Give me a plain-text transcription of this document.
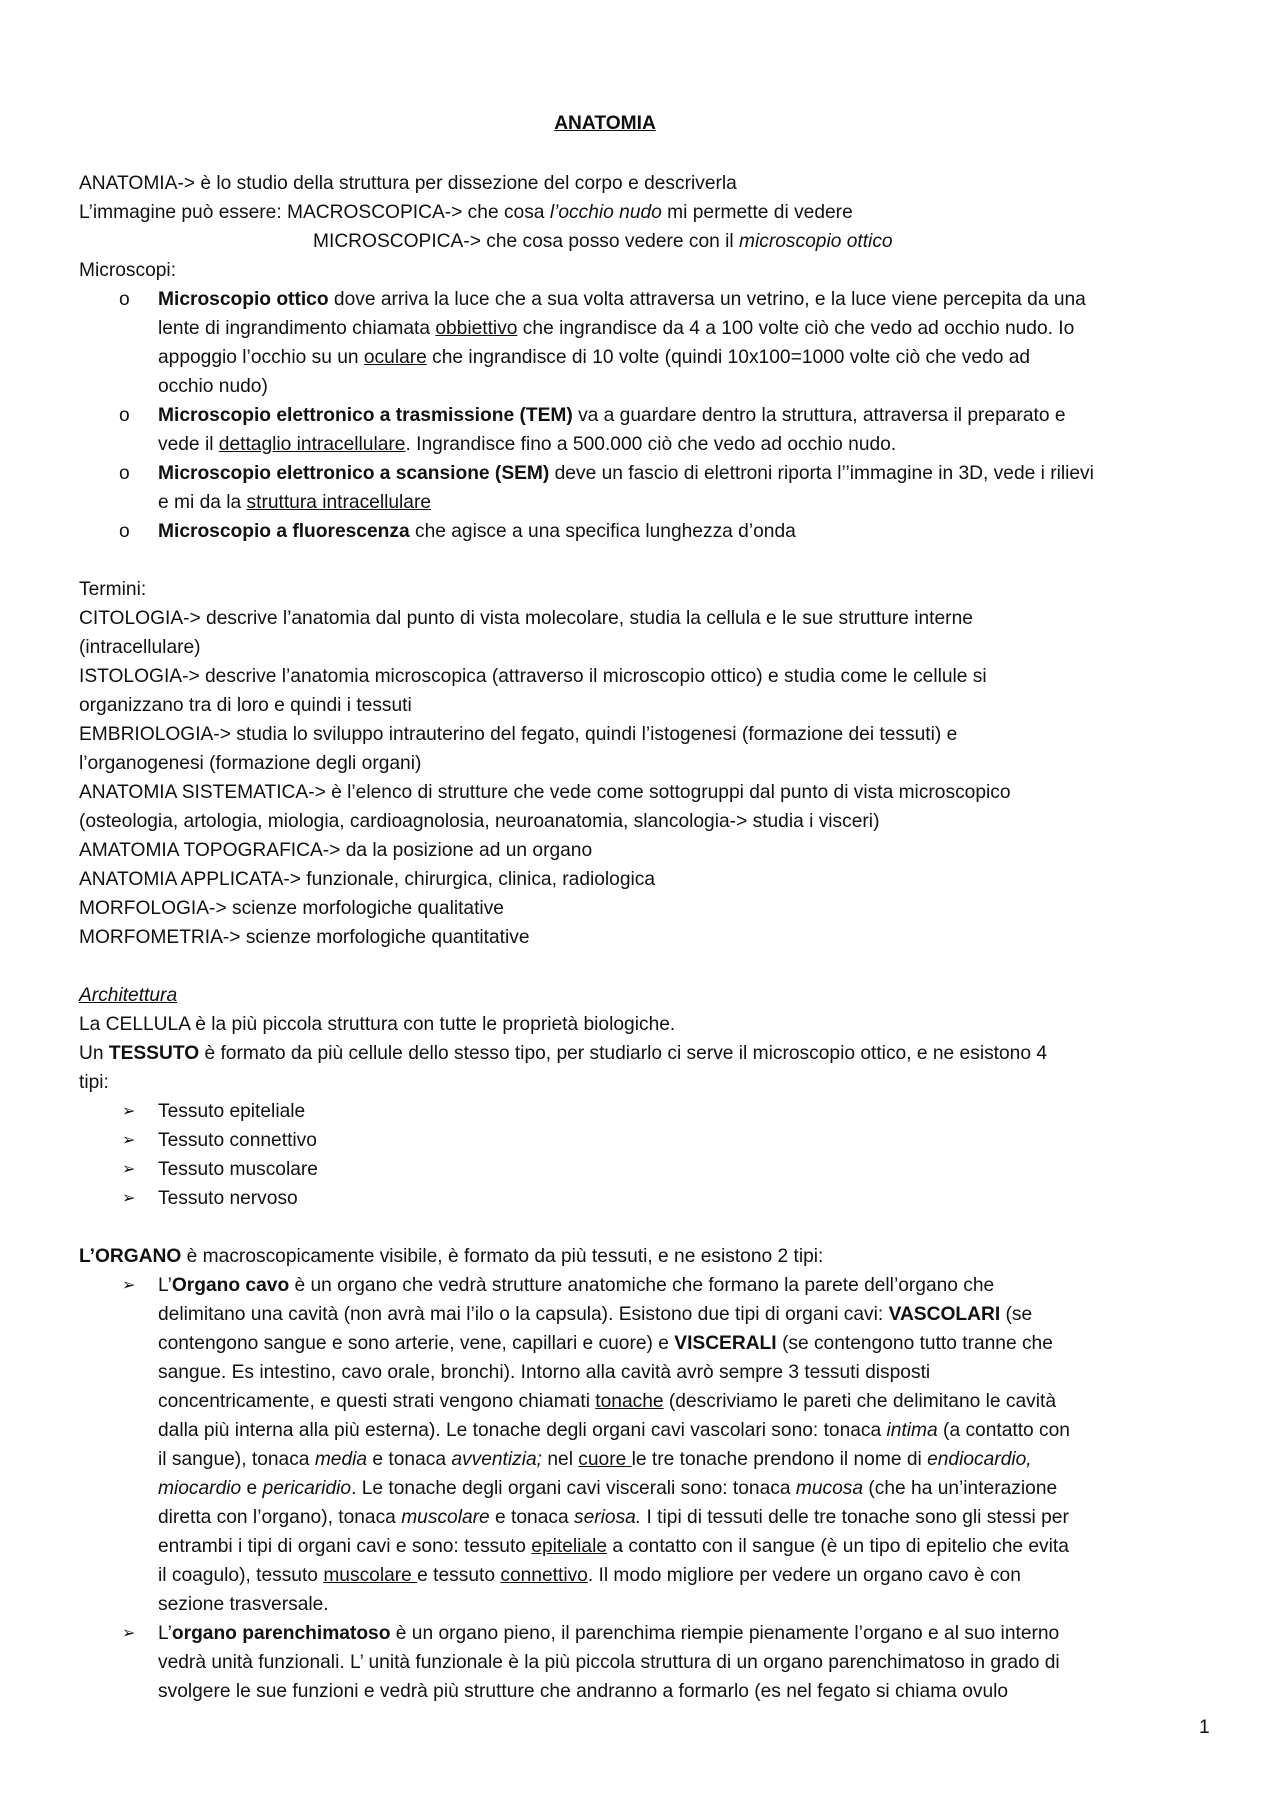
ANATOMIA
ANATOMIA-> è lo studio della struttura per dissezione del corpo e descriverla
L’immagine può essere: MACROSCOPICA-> che cosa l’occhio nudo mi permette di vedere
MICROSCOPICA-> che cosa posso vedere con il microscopio ottico
Microscopi:
o Microscopio ottico dove arriva la luce che a sua volta attraversa un vetrino, e la luce viene percepita da una
lente di ingrandimento chiamata obbiettivo che ingrandisce da 4 a 100 volte ciò che vedo ad occhio nudo. Io
appoggio l’occhio su un oculare che ingrandisce di 10 volte (quindi 10x100=1000 volte ciò che vedo ad
occhio nudo)
o Microscopio elettronico a trasmissione (TEM) va a guardare dentro la struttura, attraversa il preparato e
vede il dettaglio intracellulare. Ingrandisce fino a 500.000 ciò che vedo ad occhio nudo.
o Microscopio elettronico a scansione (SEM) deve un fascio di elettroni riporta l’’immagine in 3D, vede i rilievi
e mi da la struttura intracellulare
o Microscopio a fluorescenza che agisce a una specifica lunghezza d’onda
Termini:
CITOLOGIA-> descrive l’anatomia dal punto di vista molecolare, studia la cellula e le sue strutture interne
(intracellulare)
ISTOLOGIA-> descrive l’anatomia microscopica (attraverso il microscopio ottico) e studia come le cellule si
organizzano tra di loro e quindi i tessuti
EMBRIOLOGIA-> studia lo sviluppo intrauterino del fegato, quindi l’istogenesi (formazione dei tessuti) e
l’organogenesi (formazione degli organi)
ANATOMIA SISTEMATICA-> è l’elenco di strutture che vede come sottogruppi dal punto di vista microscopico
(osteologia, artologia, miologia, cardioagnolosia, neuroanatomia, slancologia-> studia i visceri)
AMATOMIA TOPOGRAFICA-> da la posizione ad un organo
ANATOMIA APPLICATA-> funzionale, chirurgica, clinica, radiologica
MORFOLOGIA-> scienze morfologiche qualitative
MORFOMETRIA-> scienze morfologiche quantitative
Architettura
La CELLULA è la più piccola struttura con tutte le proprietà biologiche.
Un TESSUTO è formato da più cellule dello stesso tipo, per studiarlo ci serve il microscopio ottico, e ne esistono 4
tipi:
➢ Tessuto epiteliale
➢ Tessuto connettivo
➢ Tessuto muscolare
➢ Tessuto nervoso
L’ORGANO è macroscopicamente visibile, è formato da più tessuti, e ne esistono 2 tipi:
➢ L’Organo cavo è un organo che vedrà strutture anatomiche che formano la parete dell’organo che
delimitano una cavità (non avrà mai l’ilo o la capsula). Esistono due tipi di organi cavi: VASCOLARI (se
contengono sangue e sono arterie, vene, capillari e cuore) e VISCERALI (se contengono tutto tranne che
sangue. Es intestino, cavo orale, bronchi). Intorno alla cavità avrò sempre 3 tessuti disposti
concentricamente, e questi strati vengono chiamati tonache (descriviamo le pareti che delimitano le cavità
dalla più interna alla più esterna). Le tonache degli organi cavi vascolari sono: tonaca intima (a contatto con
il sangue), tonaca media e tonaca avventizia; nel cuore le tre tonache prendono il nome di endiocardio,
miocardio e pericaridio. Le tonache degli organi cavi viscerali sono: tonaca mucosa (che ha un’interazione
diretta con l’organo), tonaca muscolare e tonaca seriosa. I tipi di tessuti delle tre tonache sono gli stessi per
entrambi i tipi di organi cavi e sono: tessuto epiteliale a contatto con il sangue (è un tipo di epitelio che evita
il coagulo), tessuto muscolare e tessuto connettivo. Il modo migliore per vedere un organo cavo è con
sezione trasversale.
➢ L’organo parenchimatoso è un organo pieno, il parenchima riempie pienamente l’organo e al suo interno
vedrà unità funzionali. L’ unità funzionale è la più piccola struttura di un organo parenchimatoso in grado di
svolgere le sue funzioni e vedrà più strutture che andranno a formarlo (es nel fegato si chiama ovulo
1
